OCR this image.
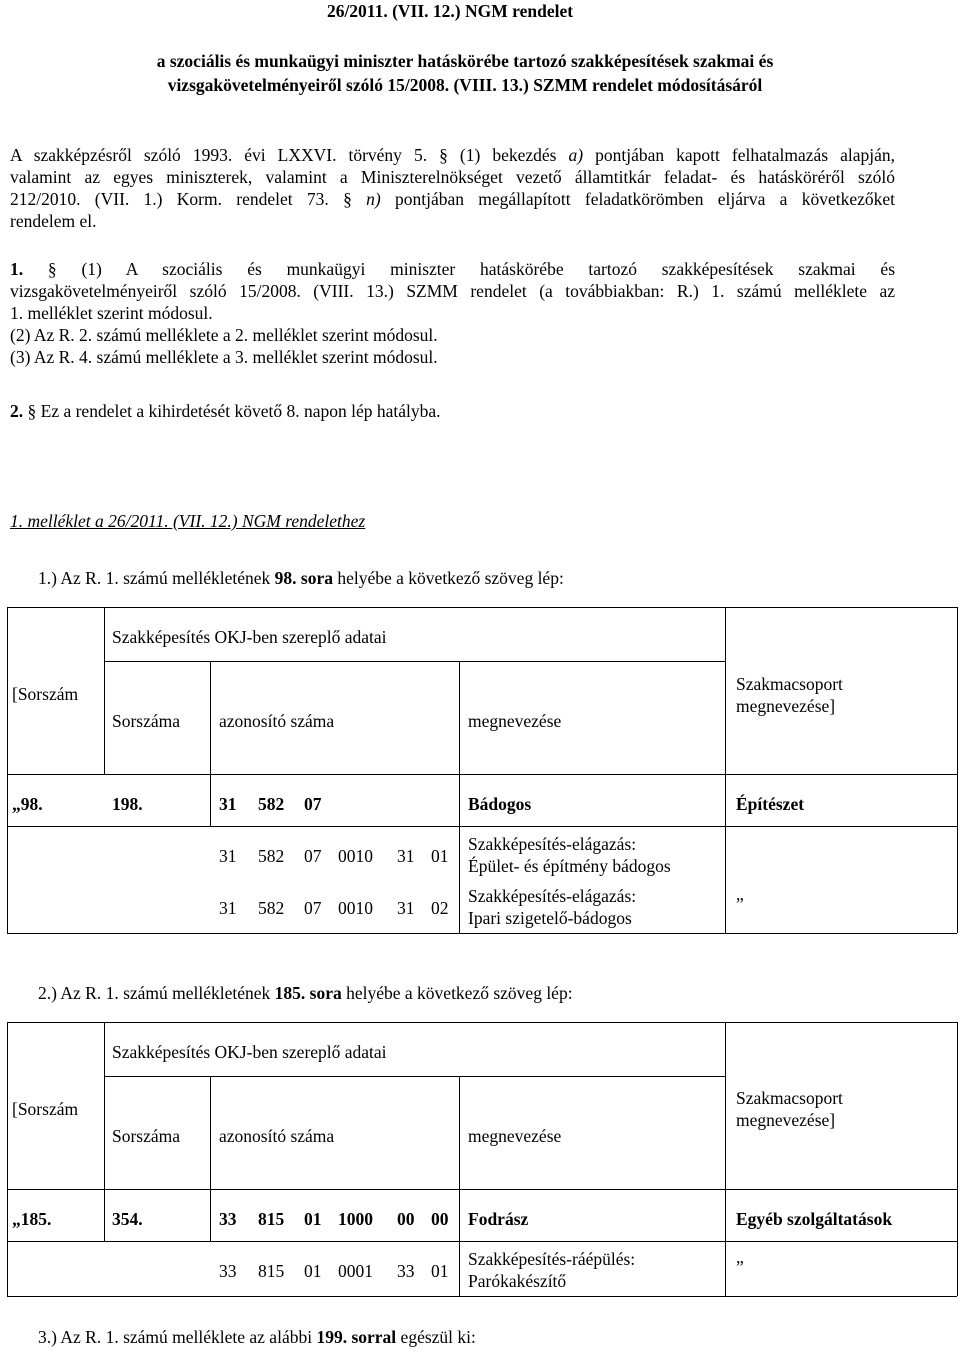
26/2011. (VII. 12.) NGM rendelet
a szociális és munkaügyi miniszter hatáskörébe tartozó szakképesítések szakmai és
vizsgakövetelményeiről szóló 15/2008. (VIII. 13.) SZMM rendelet módosításáról
A szakképzésről szóló 1993. évi LXXVI. törvény 5. § (1) bekezdés a) pontjában kapott felhatalmazás alapján,
valamint az egyes miniszterek, valamint a Miniszterelnökséget vezető államtitkár feladat- és hatásköréről szóló
212/2010. (VII. 1.) Korm. rendelet 73. § n) pontjában megállapított feladatkörömben eljárva a következőket
rendelem el.
1. § (1) A szociális és munkaügyi miniszter hatáskörébe tartozó szakképesítések szakmai és
vizsgakövetelményeiről szóló 15/2008. (VIII. 13.) SZMM rendelet (a továbbiakban: R.) 1. számú melléklete az
1. melléklet szerint módosul.
(2) Az R. 2. számú melléklete a 2. melléklet szerint módosul.
(3) Az R. 4. számú melléklete a 3. melléklet szerint módosul.
2. § Ez a rendelet a kihirdetését követő 8. napon lép hatályba.
1. melléklet a 26/2011. (VII. 12.) NGM rendelethez
1.) Az R. 1. számú mellékletének 98. sora helyébe a következő szöveg lép:
Szakképesítés OKJ-ben szereplő adatai
[Sorszám
Sorszáma azonosító száma	megnevezése
Szakmacsoport
megnevezése]
„98.	198.	31 582 07	Bádogos	Építészet
31 582 07 0010 31 01
Szakképesítés-elágazás:
Épület- és építmény bádogos
31 582 07 0010 31 02
Szakképesítés-elágazás:
Ipari szigetelő-bádogos
”
2.) Az R. 1. számú mellékletének 185. sora helyébe a következő szöveg lép:
Szakképesítés OKJ-ben szereplő adatai
[Sorszám
Sorszáma azonosító száma	megnevezése
Szakmacsoport
megnevezése]
„185.	354.	33 815 01 1000 00 00 Fodrász	Egyéb szolgáltatások
33 815 01 0001 33 01
Szakképesítés-ráépülés:
Parókakészítő
”
3.) Az R. 1. számú melléklete az alábbi 199. sorral egészül ki:
